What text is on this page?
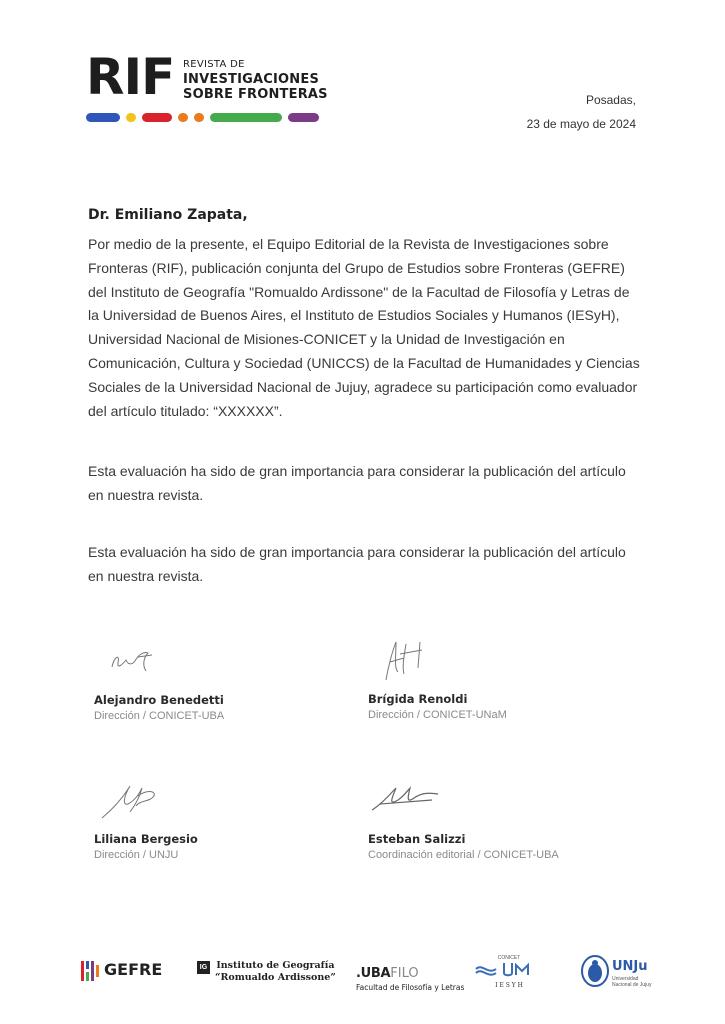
RIF REVISTA DE
INVESTIGACIONES
SOBRE FRONTERAS	Posadas,
23 de mayo de 2024
Dr. Emiliano Zapata,
Por medio de la presente, el Equipo Editorial de la Revista de Investigaciones sobre Fronteras (RIF), publicación conjunta del Grupo de Estudios sobre Fronteras (GEFRE) del Instituto de Geografía "Romualdo Ardissone" de la Facultad de Filosofía y Letras de la Universidad de Buenos Aires, el Instituto de Estudios Sociales y Humanos (IESyH), Universidad Nacional de Misiones-CONICET y la Unidad de Investigación en Comunicación, Cultura y Sociedad (UNICCS) de la Facultad de Humanidades y Ciencias Sociales de la Universidad Nacional de Jujuy, agradece su participación como evaluador del artículo titulado: “XXXXXX”.
Esta evaluación ha sido de gran importancia para considerar la publicación del artículo en nuestra revista.
Esta evaluación ha sido de gran importancia para considerar la publicación del artículo en nuestra revista.
Alejandro Benedetti
Dirección / CONICET-UBA
Brígida Renoldi
Dirección / CONICET-UNaM
Liliana Bergesio
Dirección / UNJU
Esteban Salizzi
Coordinación editorial / CONICET-UBA
GEFRE	IG Instituto de Geografía
“Romualdo Ardissone” .UBAFILO
Facultad de Filosofía y Letras
CONICET
I E S Y H
UNJu
Universidad
Nacional de Jujuy
